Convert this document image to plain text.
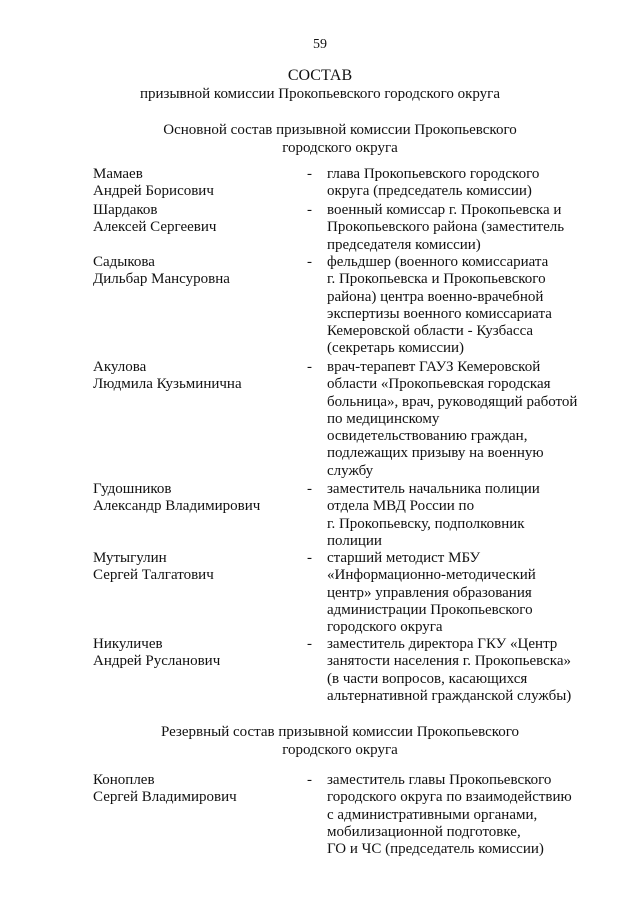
59
СОСТАВ
призывной комиссии Прокопьевского городского округа
Основной состав призывной комиссии Прокопьевского
городского округа
Мамаев
Андрей Борисович
-	глава Прокопьевского городского
округа (председатель комиссии)
Шардаков
Алексей Сергеевич
-	военный комиссар г. Прокопьевска и
Прокопьевского района (заместитель
председателя комиссии)
Садыкова
Дильбар Мансуровна
-	фельдшер (военного комиссариата
г. Прокопьевска и Прокопьевского
района) центра военно-врачебной
экспертизы военного комиссариата
Кемеровской области - Кузбасса
(секретарь комиссии)
Акулова
Людмила Кузьминична
-	врач-терапевт ГАУЗ Кемеровской
области «Прокопьевская городская
больница», врач, руководящий работой
по медицинскому
освидетельствованию граждан,
подлежащих призыву на военную
службу
Гудошников
Александр Владимирович
-	заместитель начальника полиции
отдела МВД России по
г. Прокопьевску, подполковник
полиции
Мутыгулин
Сергей Талгатович
-	старший методист МБУ
«Информационно-методический
центр» управления образования
администрации Прокопьевского
городского округа
Никуличев
Андрей Русланович
-	заместитель директора ГКУ «Центр
занятости населения г. Прокопьевска»
(в части вопросов, касающихся
альтернативной гражданской службы)
Резервный состав призывной комиссии Прокопьевского
городского округа
Коноплев
Сергей Владимирович
-	заместитель главы Прокопьевского
городского округа по взаимодействию
с административными органами,
мобилизационной подготовке,
ГО и ЧС (председатель комиссии)
